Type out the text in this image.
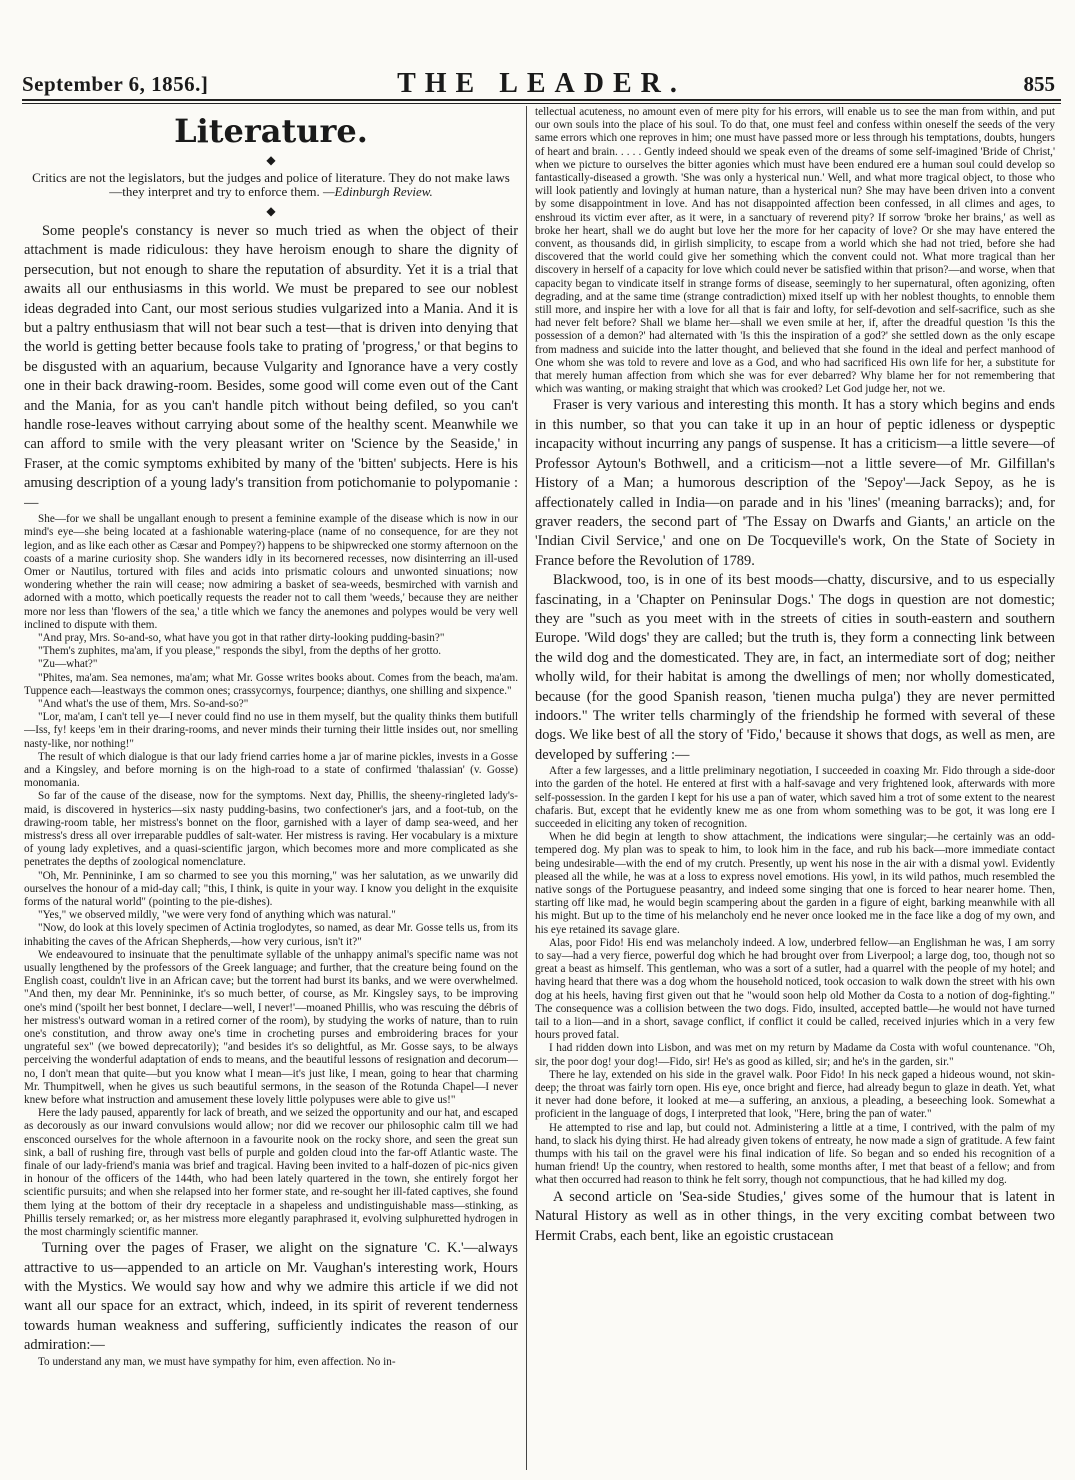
September 6, 1856.]	THE LEADER.	855
Literature.
◆
Critics are not the legislators, but the judges and police of literature. They do not make laws—they interpret and try to enforce them. —Edinburgh Review.
◆

Some people's constancy is never so much tried as when the object of their attachment is made ridiculous: they have heroism enough to share the dignity of persecution, but not enough to share the reputation of absurdity. Yet it is a trial that awaits all our enthusiasms in this world. We must be prepared to see our noblest ideas degraded into Cant, our most serious studies vulgarized into a Mania. And it is but a paltry enthusiasm that will not bear such a test—that is driven into denying that the world is getting better because fools take to prating of 'progress,' or that begins to be disgusted with an aquarium, because Vulgarity and Ignorance have a very costly one in their back drawing-room. Besides, some good will come even out of the Cant and the Mania, for as you can't handle pitch without being defiled, so you can't handle rose-leaves without carrying about some of the healthy scent. Meanwhile we can afford to smile with the very pleasant writer on 'Science by the Seaside,' in Fraser, at the comic symptoms exhibited by many of the 'bitten' subjects. Here is his amusing description of a young lady's transition from potichomanie to polypomanie :—

She—for we shall be ungallant enough to present a feminine example of the disease which is now in our mind's eye—she being located at a fashionable watering-place (name of no consequence, for are they not legion, and as like each other as Cæsar and Pompey?) happens to be shipwrecked one stormy afternoon on the coasts of a marine curiosity shop. She wanders idly in its becornered recesses, now disinterring an ill-used Omer or Nautilus, tortured with files and acids into prismatic colours and unwonted sinuations; now wondering whether the rain will cease; now admiring a basket of sea-weeds, besmirched with varnish and adorned with a motto, which poetically requests the reader not to call them 'weeds,' because they are neither more nor less than 'flowers of the sea,' a title which we fancy the anemones and polypes would be very well inclined to dispute with them.

"And pray, Mrs. So-and-so, what have you got in that rather dirty-looking pudding-basin?"

"Them's zuphites, ma'am, if you please," responds the sibyl, from the depths of her grotto.

"Zu—what?"

"Phites, ma'am. Sea nemones, ma'am; what Mr. Gosse writes books about. Comes from the beach, ma'am. Tuppence each—leastways the common ones; crassycornys, fourpence; dianthys, one shilling and sixpence."

"And what's the use of them, Mrs. So-and-so?"

"Lor, ma'am, I can't tell ye—I never could find no use in them myself, but the quality thinks them butifull—Iss, fy! keeps 'em in their draring-rooms, and never minds their turning their little insides out, nor smelling nasty-like, nor nothing!"

The result of which dialogue is that our lady friend carries home a jar of marine pickles, invests in a Gosse and a Kingsley, and before morning is on the high-road to a state of confirmed 'thalassian' (v. Gosse) monomania.

So far of the cause of the disease, now for the symptoms. Next day, Phillis, the sheeny-ringleted lady's-maid, is discovered in hysterics—six nasty pudding-basins, two confectioner's jars, and a foot-tub, on the drawing-room table, her mistress's bonnet on the floor, garnished with a layer of damp sea-weed, and her mistress's dress all over irreparable puddles of salt-water. Her mistress is raving. Her vocabulary is a mixture of young lady expletives, and a quasi-scientific jargon, which becomes more and more complicated as she penetrates the depths of zoological nomenclature.

"Oh, Mr. Pennininke, I am so charmed to see you this morning," was her salutation, as we unwarily did ourselves the honour of a mid-day call; "this, I think, is quite in your way. I know you delight in the exquisite forms of the natural world" (pointing to the pie-dishes).

"Yes," we observed mildly, "we were very fond of anything which was natural."

"Now, do look at this lovely specimen of Actinia troglodytes, so named, as dear Mr. Gosse tells us, from its inhabiting the caves of the African Shepherds,—how very curious, isn't it?"

We endeavoured to insinuate that the penultimate syllable of the unhappy animal's specific name was not usually lengthened by the professors of the Greek language; and further, that the creature being found on the English coast, couldn't live in an African cave; but the torrent had burst its banks, and we were overwhelmed. "And then, my dear Mr. Pennininke, it's so much better, of course, as Mr. Kingsley says, to be improving one's mind ('spoilt her best bonnet, I declare—well, I never!'—moaned Phillis, who was rescuing the débris of her mistress's outward woman in a retired corner of the room), by studying the works of nature, than to ruin one's constitution, and throw away one's time in crocheting purses and embroidering braces for your ungrateful sex" (we bowed deprecatorily); "and besides it's so delightful, as Mr. Gosse says, to be always perceiving the wonderful adaptation of ends to means, and the beautiful lessons of resignation and decorum—no, I don't mean that quite—but you know what I mean—it's just like, I mean, going to hear that charming Mr. Thumpitwell, when he gives us such beautiful sermons, in the season of the Rotunda Chapel—I never knew before what instruction and amusement these lovely little polypuses were able to give us!"

Here the lady paused, apparently for lack of breath, and we seized the opportunity and our hat, and escaped as decorously as our inward convulsions would allow; nor did we recover our philosophic calm till we had ensconced ourselves for the whole afternoon in a favourite nook on the rocky shore, and seen the great sun sink, a ball of rushing fire, through vast bells of purple and golden cloud into the far-off Atlantic waste. The finale of our lady-friend's mania was brief and tragical. Having been invited to a half-dozen of pic-nics given in honour of the officers of the 144th, who had been lately quartered in the town, she entirely forgot her scientific pursuits; and when she relapsed into her former state, and re-sought her ill-fated captives, she found them lying at the bottom of their dry receptacle in a shapeless and undistinguishable mass—stinking, as Phillis tersely remarked; or, as her mistress more elegantly paraphrased it, evolving sulphuretted hydrogen in the most charmingly scientific manner.

Turning over the pages of Fraser, we alight on the signature 'C. K.'—always attractive to us—appended to an article on Mr. Vaughan's interesting work, Hours with the Mystics. We would say how and why we admire this article if we did not want all our space for an extract, which, indeed, in its spirit of reverent tenderness towards human weakness and suffering, sufficiently indicates the reason of our admiration:—

To understand any man, we must have sympathy for him, even affection. No in-

tellectual acuteness, no amount even of mere pity for his errors, will enable us to see the man from within, and put our own souls into the place of his soul. To do that, one must feel and confess within oneself the seeds of the very same errors which one reproves in him; one must have passed more or less through his temptations, doubts, hungers of heart and brain. . . . . Gently indeed should we speak even of the dreams of some self-imagined 'Bride of Christ,' when we picture to ourselves the bitter agonies which must have been endured ere a human soul could develop so fantastically-diseased a growth. 'She was only a hysterical nun.' Well, and what more tragical object, to those who will look patiently and lovingly at human nature, than a hysterical nun? She may have been driven into a convent by some disappointment in love. And has not disappointed affection been confessed, in all climes and ages, to enshroud its victim ever after, as it were, in a sanctuary of reverend pity? If sorrow 'broke her brains,' as well as broke her heart, shall we do aught but love her the more for her capacity of love? Or she may have entered the convent, as thousands did, in girlish simplicity, to escape from a world which she had not tried, before she had discovered that the world could give her something which the convent could not. What more tragical than her discovery in herself of a capacity for love which could never be satisfied within that prison?—and worse, when that capacity began to vindicate itself in strange forms of disease, seemingly to her supernatural, often agonizing, often degrading, and at the same time (strange contradiction) mixed itself up with her noblest thoughts, to ennoble them still more, and inspire her with a love for all that is fair and lofty, for self-devotion and self-sacrifice, such as she had never felt before? Shall we blame her—shall we even smile at her, if, after the dreadful question 'Is this the possession of a demon?' had alternated with 'Is this the inspiration of a god?' she settled down as the only escape from madness and suicide into the latter thought, and believed that she found in the ideal and perfect manhood of One whom she was told to revere and love as a God, and who had sacrificed His own life for her, a substitute for that merely human affection from which she was for ever debarred? Why blame her for not remembering that which was wanting, or making straight that which was crooked? Let God judge her, not we.

Fraser is very various and interesting this month. It has a story which begins and ends in this number, so that you can take it up in an hour of peptic idleness or dyspeptic incapacity without incurring any pangs of suspense. It has a criticism—a little severe—of Professor Aytoun's Bothwell, and a criticism—not a little severe—of Mr. Gilfillan's History of a Man; a humorous description of the 'Sepoy'—Jack Sepoy, as he is affectionately called in India—on parade and in his 'lines' (meaning barracks); and, for graver readers, the second part of 'The Essay on Dwarfs and Giants,' an article on the 'Indian Civil Service,' and one on De Tocqueville's work, On the State of Society in France before the Revolution of 1789.

Blackwood, too, is in one of its best moods—chatty, discursive, and to us especially fascinating, in a 'Chapter on Peninsular Dogs.' The dogs in question are not domestic; they are "such as you meet with in the streets of cities in south-eastern and southern Europe. 'Wild dogs' they are called; but the truth is, they form a connecting link between the wild dog and the domesticated. They are, in fact, an intermediate sort of dog; neither wholly wild, for their habitat is among the dwellings of men; nor wholly domesticated, because (for the good Spanish reason, 'tienen mucha pulga') they are never permitted indoors." The writer tells charmingly of the friendship he formed with several of these dogs. We like best of all the story of 'Fido,' because it shows that dogs, as well as men, are developed by suffering :—

After a few largesses, and a little preliminary negotiation, I succeeded in coaxing Mr. Fido through a side-door into the garden of the hotel. He entered at first with a half-savage and very frightened look, afterwards with more self-possession. In the garden I kept for his use a pan of water, which saved him a trot of some extent to the nearest chafaris. But, except that he evidently knew me as one from whom something was to be got, it was long ere I succeeded in eliciting any token of recognition.

When he did begin at length to show attachment, the indications were singular;—he certainly was an odd-tempered dog. My plan was to speak to him, to look him in the face, and rub his back—more immediate contact being undesirable—with the end of my crutch. Presently, up went his nose in the air with a dismal yowl. Evidently pleased all the while, he was at a loss to express novel emotions. His yowl, in its wild pathos, much resembled the native songs of the Portuguese peasantry, and indeed some singing that one is forced to hear nearer home. Then, starting off like mad, he would begin scampering about the garden in a figure of eight, barking meanwhile with all his might. But up to the time of his melancholy end he never once looked me in the face like a dog of my own, and his eye retained its savage glare.

Alas, poor Fido! His end was melancholy indeed. A low, underbred fellow—an Englishman he was, I am sorry to say—had a very fierce, powerful dog which he had brought over from Liverpool; a large dog, too, though not so great a beast as himself. This gentleman, who was a sort of a sutler, had a quarrel with the people of my hotel; and having heard that there was a dog whom the household noticed, took occasion to walk down the street with his own dog at his heels, having first given out that he "would soon help old Mother da Costa to a notion of dog-fighting." The consequence was a collision between the two dogs. Fido, insulted, accepted battle—he would not have turned tail to a lion—and in a short, savage conflict, if conflict it could be called, received injuries which in a very few hours proved fatal.

I had ridden down into Lisbon, and was met on my return by Madame da Costa with woful countenance. "Oh, sir, the poor dog! your dog!—Fido, sir! He's as good as killed, sir; and he's in the garden, sir."

There he lay, extended on his side in the gravel walk. Poor Fido! In his neck gaped a hideous wound, not skin-deep; the throat was fairly torn open. His eye, once bright and fierce, had already begun to glaze in death. Yet, what it never had done before, it looked at me—a suffering, an anxious, a pleading, a beseeching look. Somewhat a proficient in the language of dogs, I interpreted that look, "Here, bring the pan of water."

He attempted to rise and lap, but could not. Administering a little at a time, I contrived, with the palm of my hand, to slack his dying thirst. He had already given tokens of entreaty, he now made a sign of gratitude. A few faint thumps with his tail on the gravel were his final indication of life. So began and so ended his recognition of a human friend! Up the country, when restored to health, some months after, I met that beast of a fellow; and from what then occurred had reason to think he felt sorry, though not compunctious, that he had killed my dog.

A second article on 'Sea-side Studies,' gives some of the humour that is latent in Natural History as well as in other things, in the very exciting combat between two Hermit Crabs, each bent, like an egoistic crustacean
